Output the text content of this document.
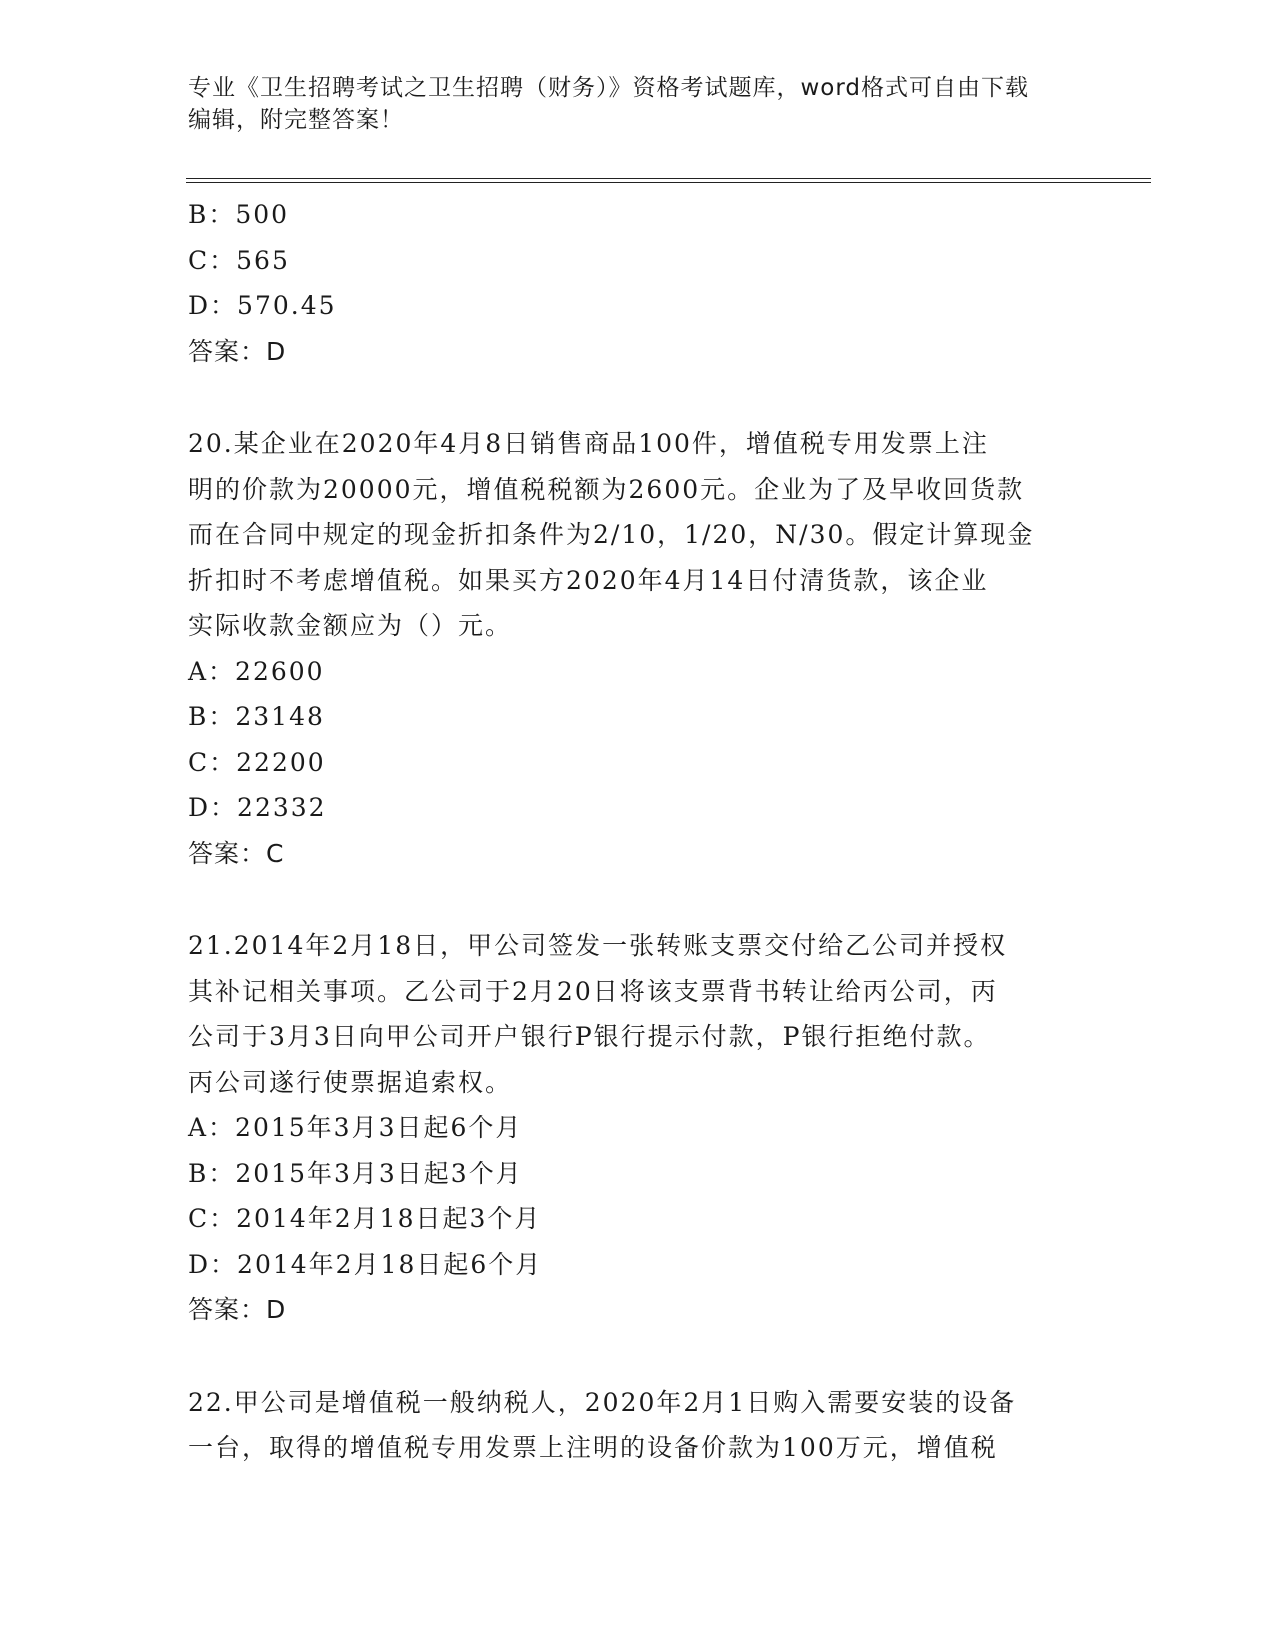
专业《卫生招聘考试之卫生招聘（财务）》资格考试题库，word格式可自由下载
编辑，附完整答案！
B：500
C：565
D：570.45
答案：D
20.某企业在2020年4月8日销售商品100件，增值税专用发票上注
明的价款为20000元，增值税税额为2600元。企业为了及早收回货款
而在合同中规定的现金折扣条件为2/10，1/20，N/30。假定计算现金
折扣时不考虑增值税。如果买方2020年4月14日付清货款，该企业
实际收款金额应为（）元。
A：22600
B：23148
C：22200
D：22332
答案：C
21.2014年2月18日，甲公司签发一张转账支票交付给乙公司并授权
其补记相关事项。乙公司于2月20日将该支票背书转让给丙公司，丙
公司于3月3日向甲公司开户银行P银行提示付款，P银行拒绝付款。
丙公司遂行使票据追索权。
A：2015年3月3日起6个月
B：2015年3月3日起3个月
C：2014年2月18日起3个月
D：2014年2月18日起6个月
答案：D
22.甲公司是增值税一般纳税人，2020年2月1日购入需要安装的设备
一台，取得的增值税专用发票上注明的设备价款为100万元，增值税
